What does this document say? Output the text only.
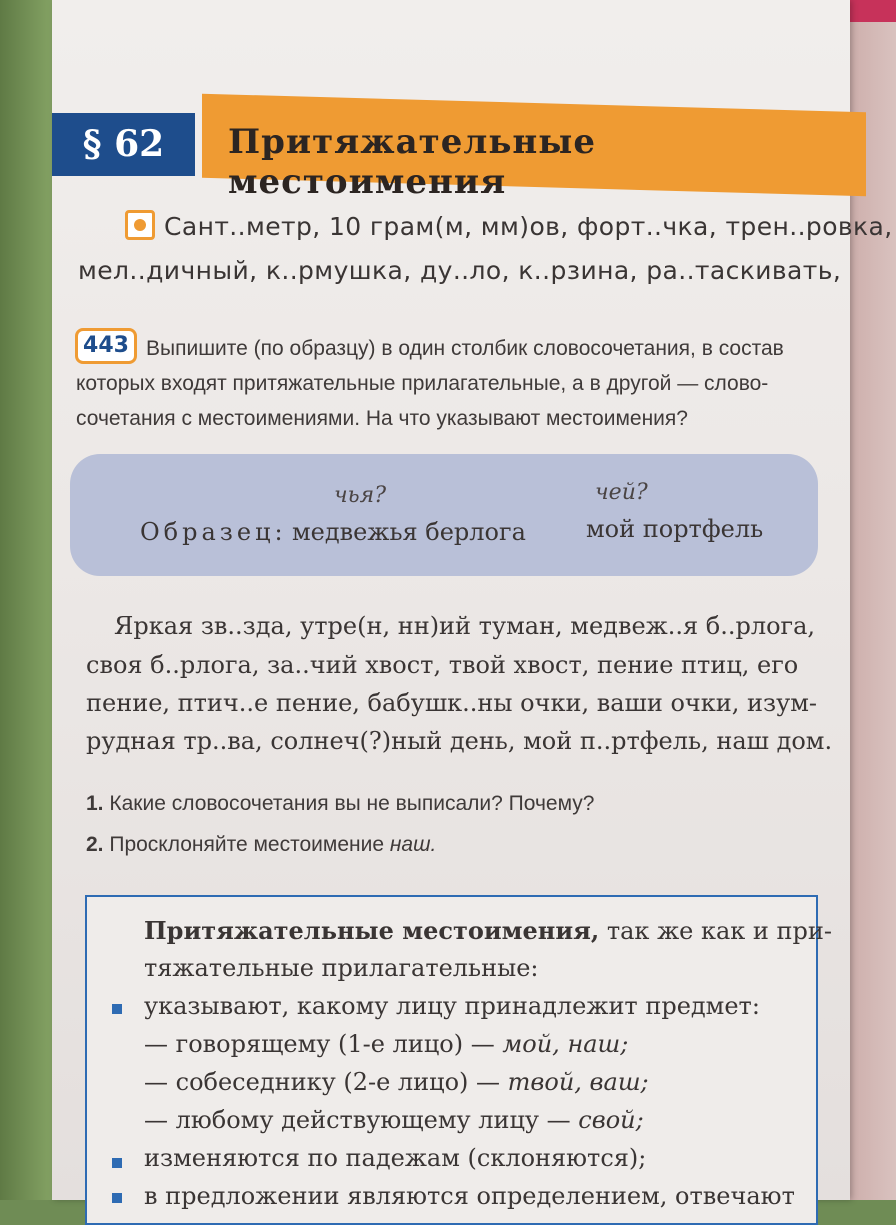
§ 62	Притяжательные местоимения
Сант..метр, 10 грам(м, мм)ов, форт..чка, трен..ровка,
мел..дичный, к..рмушка, ду..ло, к..рзина, ра..таскивать,
443 Выпишите (по образцу) в один столбик словосочетания, в состав
которых входят притяжательные прилагательные, а в другой — слово-
сочетания с местоимениями. На что указывают местоимения?
чья?	чей?
Образец: медвежья берлога	мой портфель
Яркая зв..зда, утре(н, нн)ий туман, медвеж..я б..рлога,
своя б..рлога, за..чий хвост, твой хвост, пение птиц, его
пение, птич..е пение, бабушк..ны очки, ваши очки, изум-
рудная тр..ва, солнеч(?)ный день, мой п..ртфель, наш дом.
1. Какие словосочетания вы не выписали? Почему?
2. Просклоняйте местоимение наш.
Притяжательные местоимения, так же как и при-
тяжательные прилагательные:
указывают, какому лицу принадлежит предмет:
— говорящему (1-е лицо) — мой, наш;
— собеседнику (2-е лицо) — твой, ваш;
— любому действующему лицу — свой;
изменяются по падежам (склоняются);
в предложении являются определением, отвечают
